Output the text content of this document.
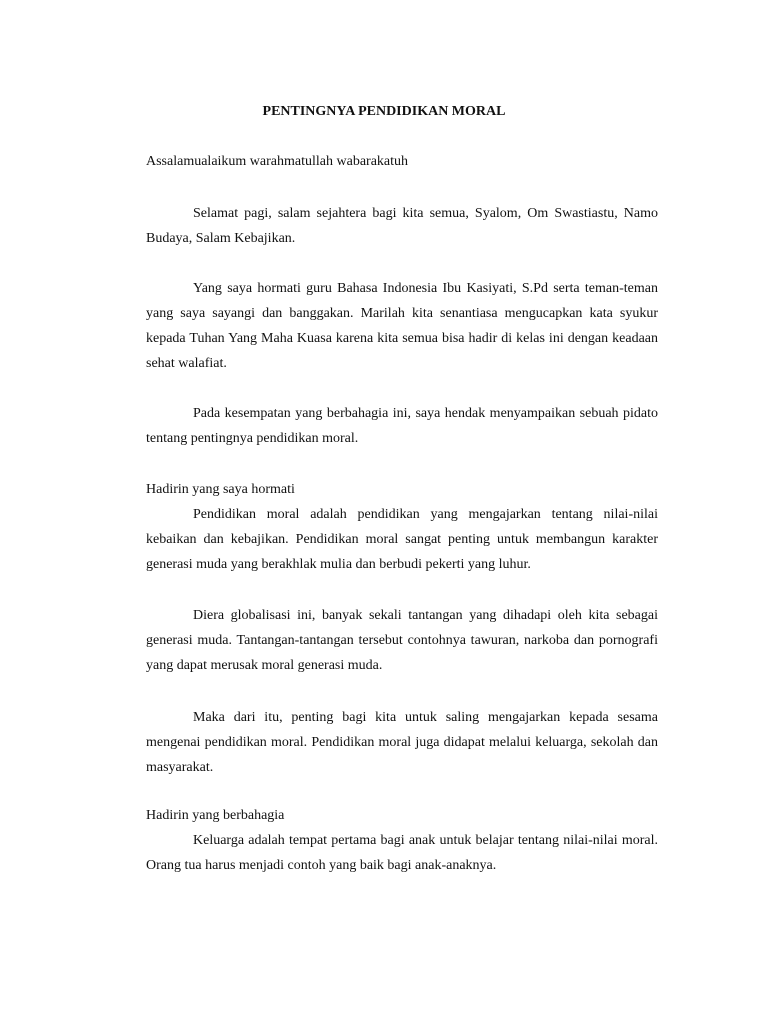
PENTINGNYA PENDIDIKAN MORAL

Assalamualaikum warahmatullah wabarakatuh

Selamat pagi, salam sejahtera bagi kita semua, Syalom, Om Swastiastu, Namo Budaya, Salam Kebajikan.

Yang saya hormati guru Bahasa Indonesia Ibu Kasiyati, S.Pd serta teman-teman yang saya sayangi dan banggakan. Marilah kita senantiasa mengucapkan kata syukur kepada Tuhan Yang Maha Kuasa karena kita semua bisa hadir di kelas ini dengan keadaan sehat walafiat.

Pada kesempatan yang berbahagia ini, saya hendak menyampaikan sebuah pidato tentang pentingnya pendidikan moral.

Hadirin yang saya hormati

Pendidikan moral adalah pendidikan yang mengajarkan tentang nilai-nilai kebaikan dan kebajikan. Pendidikan moral sangat penting untuk membangun karakter generasi muda yang berakhlak mulia dan berbudi pekerti yang luhur.

Diera globalisasi ini, banyak sekali tantangan yang dihadapi oleh kita sebagai generasi muda. Tantangan-tantangan tersebut contohnya tawuran, narkoba dan pornografi yang dapat merusak moral generasi muda.

Maka dari itu, penting bagi kita untuk saling mengajarkan kepada sesama mengenai pendidikan moral. Pendidikan moral juga didapat melalui keluarga, sekolah dan masyarakat.

Hadirin yang berbahagia

Keluarga adalah tempat pertama bagi anak untuk belajar tentang nilai-nilai moral. Orang tua harus menjadi contoh yang baik bagi anak-anaknya.
